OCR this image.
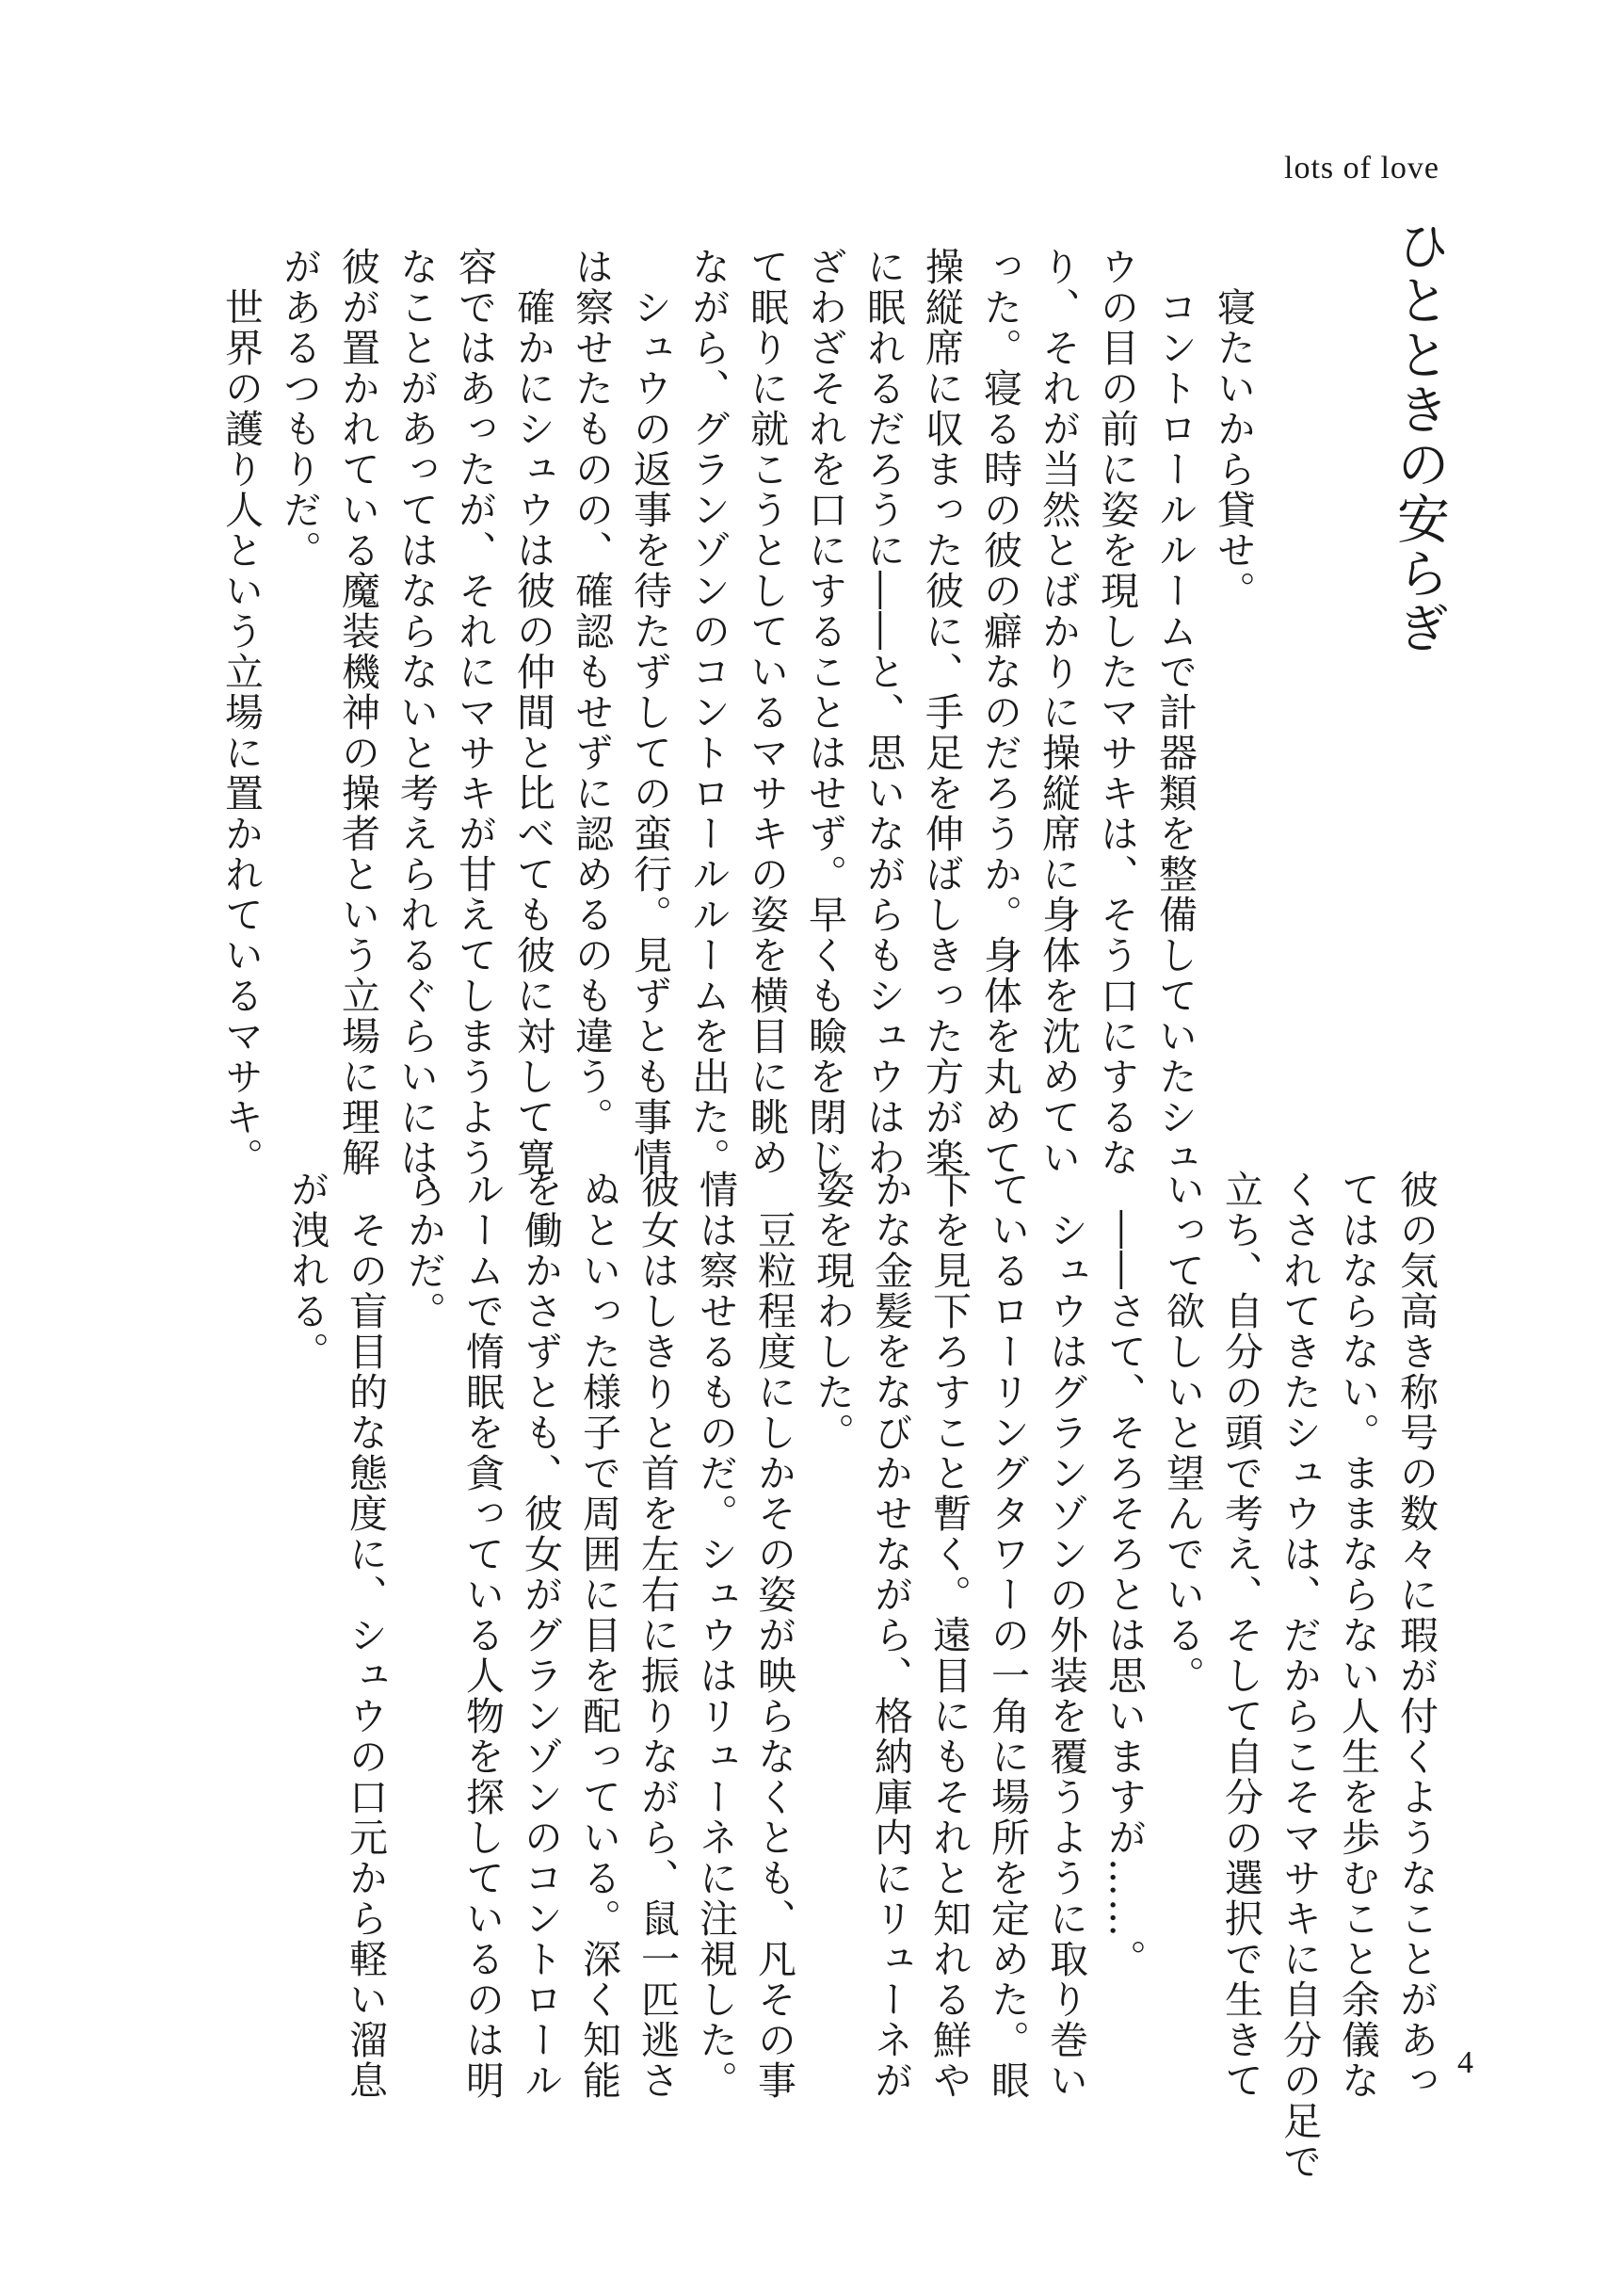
lots of love
ひとときの安らぎ
　寝たいから貸せ。
　コントロールルームで計器類を整備していたシュ
ウの目の前に姿を現したマサキは、そう口にするな
り、それが当然とばかりに操縦席に身体を沈めてい
った。寝る時の彼の癖なのだろうか。身体を丸めて
操縦席に収まった彼に、手足を伸ばしきった方が楽
に眠れるだろうに――と、思いながらもシュウはわ
ざわざそれを口にすることはせず。早くも瞼を閉じ
て眠りに就こうとしているマサキの姿を横目に眺め
ながら、グランゾンのコントロールルームを出た。
　シュウの返事を待たずしての蛮行。見ずとも事情
は察せたものの、確認もせずに認めるのも違う。
　確かにシュウは彼の仲間と比べても彼に対して寛
容ではあったが、それにマサキが甘えてしまうよう
なことがあってはならないと考えられるぐらいには、
彼が置かれている魔装機神の操者という立場に理解
があるつもりだ。
　世界の護り人という立場に置かれているマサキ。
彼の気高き称号の数々に瑕が付くようなことがあっ
てはならない。ままならない人生を歩むこと余儀な
くされてきたシュウは、だからこそマサキに自分の足で
立ち、自分の頭で考え、そして自分の選択で生きて
いって欲しいと望んでいる。
　――さて、そろそろとは思いますが……。
　シュウはグランゾンの外装を覆うように取り巻い
ているローリングタワーの一角に場所を定めた。眼
下を見下ろすこと暫く。遠目にもそれと知れる鮮や
かな金髪をなびかせながら、格納庫内にリューネが
姿を現わした。
　豆粒程度にしかその姿が映らなくとも、凡その事
情は察せるものだ。シュウはリューネに注視した。
彼女はしきりと首を左右に振りながら、鼠一匹逃さ
ぬといった様子で周囲に目を配っている。深く知能
を働かさずとも、彼女がグランゾンのコントロール
ルームで惰眠を貪っている人物を探しているのは明
らかだ。
　その盲目的な態度に、シュウの口元から軽い溜息
が洩れる。
4
